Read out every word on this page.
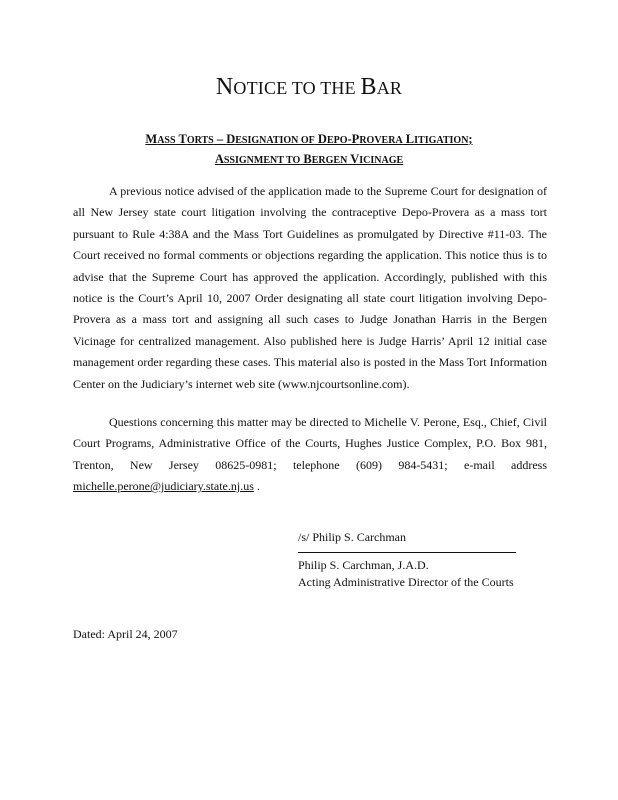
NOTICE TO THE BAR
MASS TORTS – DESIGNATION OF DEPO-PROVERA LITIGATION;
ASSIGNMENT TO BERGEN VICINAGE
A previous notice advised of the application made to the Supreme Court for designation of all New Jersey state court litigation involving the contraceptive Depo-Provera as a mass tort pursuant to Rule 4:38A and the Mass Tort Guidelines as promulgated by Directive #11-03. The Court received no formal comments or objections regarding the application. This notice thus is to advise that the Supreme Court has approved the application. Accordingly, published with this notice is the Court’s April 10, 2007 Order designating all state court litigation involving Depo-Provera as a mass tort and assigning all such cases to Judge Jonathan Harris in the Bergen Vicinage for centralized management. Also published here is Judge Harris’ April 12 initial case management order regarding these cases. This material also is posted in the Mass Tort Information Center on the Judiciary’s internet web site (www.njcourtsonline.com).
Questions concerning this matter may be directed to Michelle V. Perone, Esq., Chief, Civil Court Programs, Administrative Office of the Courts, Hughes Justice Complex, P.O. Box 981, Trenton, New Jersey 08625-0981; telephone (609) 984-5431; e-mail address michelle.perone@judiciary.state.nj.us .
/s/ Philip S. Carchman
Philip S. Carchman, J.A.D.
Acting Administrative Director of the Courts
Dated: April 24, 2007
